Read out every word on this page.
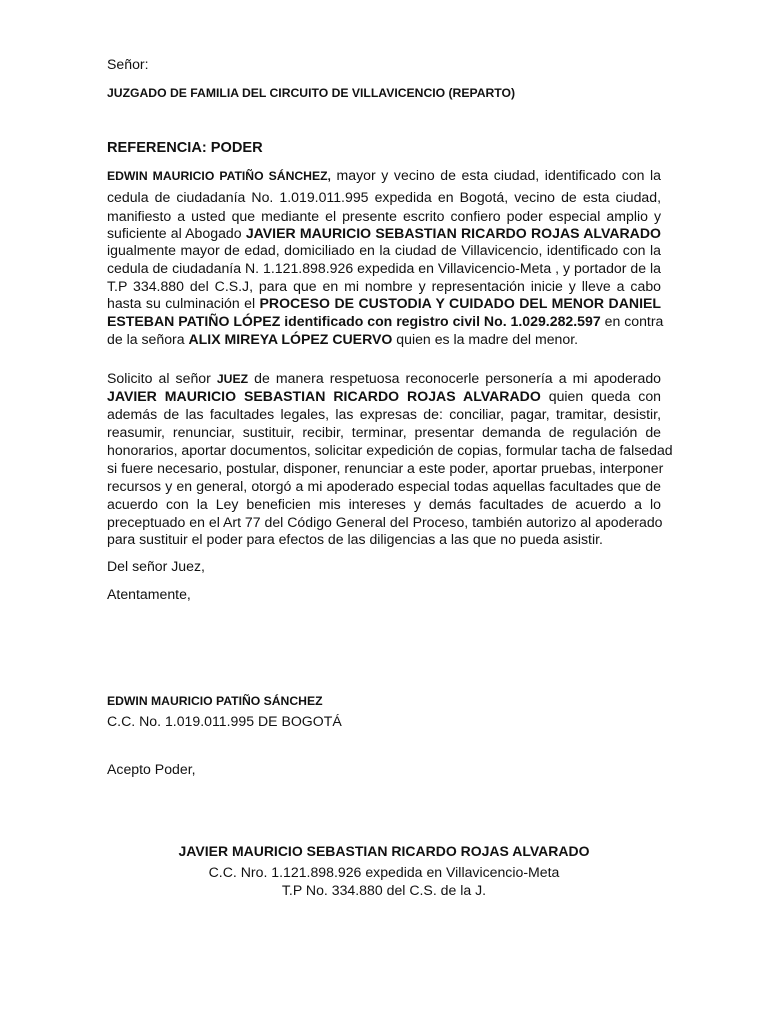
Señor:
JUZGADO DE FAMILIA DEL CIRCUITO DE VILLAVICENCIO (REPARTO)
REFERENCIA: PODER
EDWIN MAURICIO PATIÑO SÁNCHEZ, mayor y vecino de esta ciudad, identificado con la
cedula de ciudadanía No. 1.019.011.995 expedida en Bogotá, vecino de esta ciudad,
manifiesto a usted que mediante el presente escrito confiero poder especial amplio y
suficiente al Abogado JAVIER MAURICIO SEBASTIAN RICARDO ROJAS ALVARADO
igualmente mayor de edad, domiciliado en la ciudad de Villavicencio, identificado con la
cedula de ciudadanía N. 1.121.898.926 expedida en Villavicencio-Meta , y portador de la
T.P 334.880 del C.S.J, para que en mi nombre y representación inicie y lleve a cabo
hasta su culminación el PROCESO DE CUSTODIA Y CUIDADO DEL MENOR DANIEL
ESTEBAN PATIÑO LÓPEZ identificado con registro civil No. 1.029.282.597 en contra
de la señora ALIX MIREYA LÓPEZ CUERVO quien es la madre del menor.
Solicito al señor JUEZ de manera respetuosa reconocerle personería a mi apoderado
JAVIER MAURICIO SEBASTIAN RICARDO ROJAS ALVARADO quien queda con
además de las facultades legales, las expresas de: conciliar, pagar, tramitar, desistir,
reasumir, renunciar, sustituir, recibir, terminar, presentar demanda de regulación de
honorarios, aportar documentos, solicitar expedición de copias, formular tacha de falsedad
si fuere necesario, postular, disponer, renunciar a este poder, aportar pruebas, interponer
recursos y en general, otorgó a mi apoderado especial todas aquellas facultades que de
acuerdo con la Ley beneficien mis intereses y demás facultades de acuerdo a lo
preceptuado en el Art 77 del Código General del Proceso, también autorizo al apoderado
para sustituir el poder para efectos de las diligencias a las que no pueda asistir.
Del señor Juez,
Atentamente,
EDWIN MAURICIO PATIÑO SÁNCHEZ
C.C. No. 1.019.011.995 DE BOGOTÁ
Acepto Poder,
JAVIER MAURICIO SEBASTIAN RICARDO ROJAS ALVARADO
C.C. Nro. 1.121.898.926 expedida en Villavicencio-Meta
T.P No. 334.880 del C.S. de la J.
